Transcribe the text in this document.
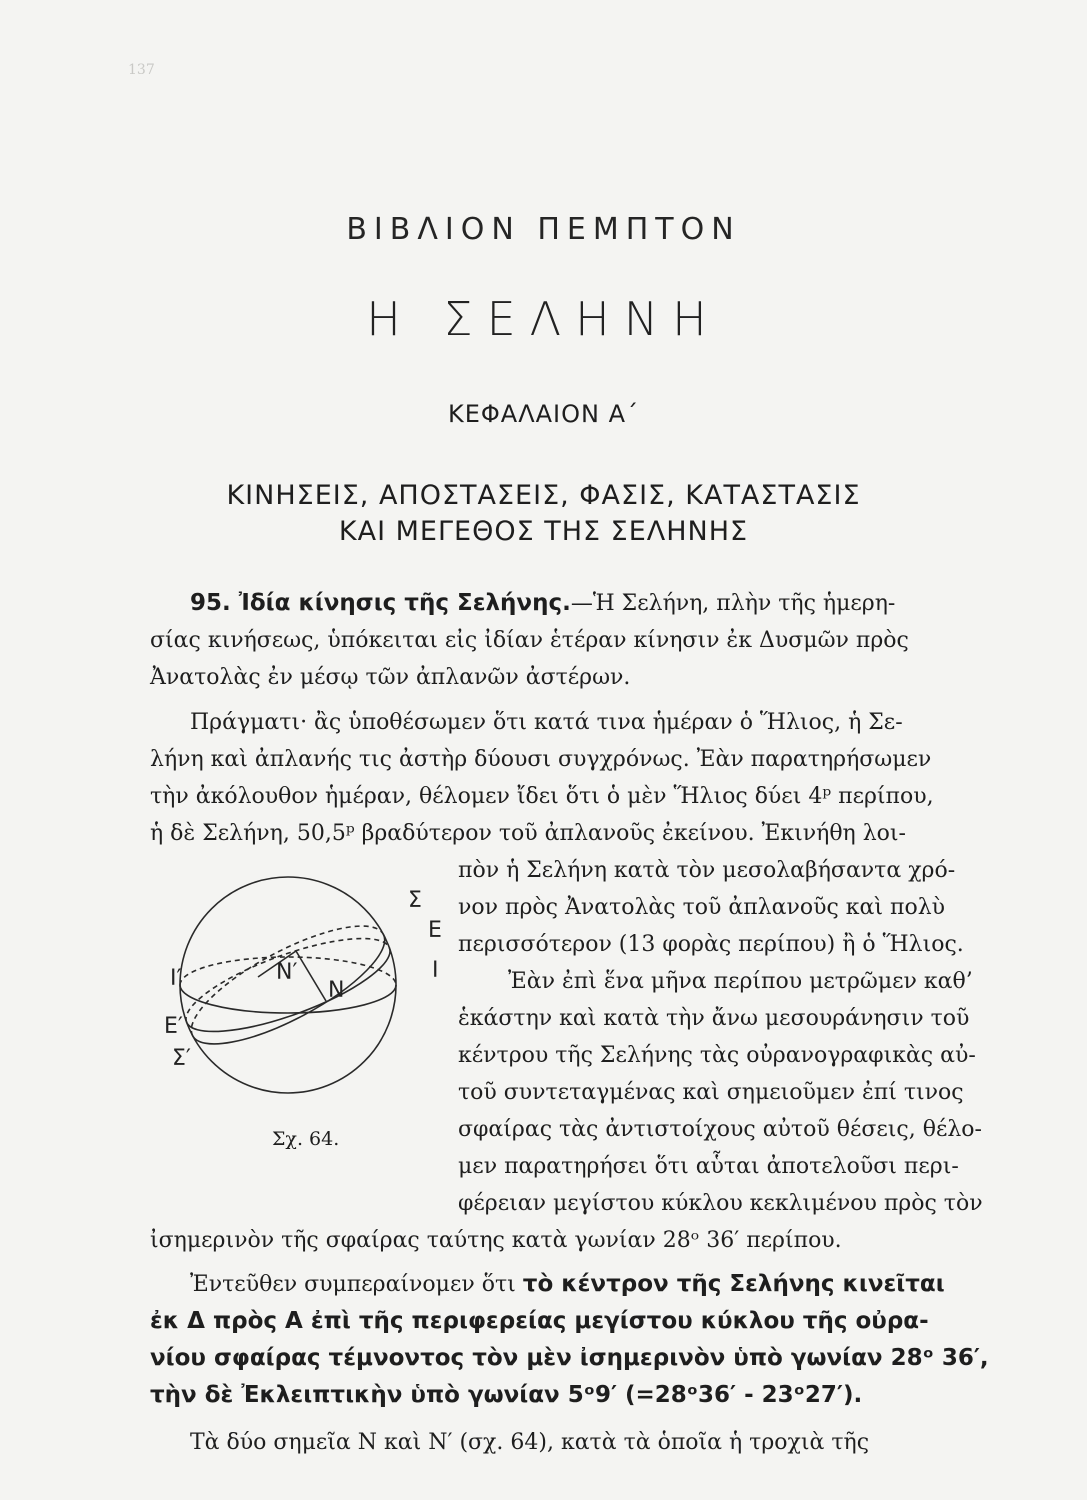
137
ΒΙΒΛΙΟΝ ΠΕΜΠΤΟΝ
Η ΣΕΛΗΝΗ
ΚΕΦΑΛΑΙΟΝ Α΄
ΚΙΝΗΣΕΙΣ, ΑΠΟΣΤΑΣΕΙΣ, ΦΑΣΙΣ, ΚΑΤΑΣΤΑΣΙΣ
ΚΑΙ ΜΕΓΕΘΟΣ ΤΗΣ ΣΕΛΗΝΗΣ
95. Ἰδία κίνησις τῆς Σελήνης.—Ἡ Σελήνη, πλὴν τῆς ἡμερη-
σίας κινήσεως, ὑπόκειται εἰς ἰδίαν ἑτέραν κίνησιν ἐκ Δυσμῶν πρὸς
Ἀνατολὰς ἐν μέσῳ τῶν ἀπλανῶν ἀστέρων.
Πράγματι· ἂς ὑποθέσωμεν ὅτι κατά τινα ἡμέραν ὁ Ἥλιος, ἡ Σε-
λήνη καὶ ἀπλανής τις ἀστὴρ δύουσι συγχρόνως. Ἐὰν παρατηρήσωμεν
τὴν ἀκόλουθον ἡμέραν, θέλομεν ἴδει ὅτι ὁ μὲν Ἥλιος δύει 4ᵖ περίπου,
ἡ δὲ Σελήνη, 50,5ᵖ βραδύτερον τοῦ ἀπλανοῦς ἐκείνου. Ἐκινήθη λοι-
πὸν ἡ Σελήνη κατὰ τὸν μεσολαβήσαντα χρό-
νον πρὸς Ἀνατολὰς τοῦ ἀπλανοῦς καὶ πολὺ
περισσότερον (13 φορὰς περίπου) ἢ ὁ Ἥλιος.
Ἐὰν ἐπὶ ἕνα μῆνα περίπου μετρῶμεν καθ’
ἑκάστην καὶ κατὰ τὴν ἄνω μεσουράνησιν τοῦ
κέντρου τῆς Σελήνης τὰς οὐρανογραφικὰς αὐ-
τοῦ συντεταγμένας καὶ σημειοῦμεν ἐπί τινος
σφαίρας τὰς ἀντιστοίχους αὐτοῦ θέσεις, θέλο-
μεν παρατηρήσει ὅτι αὗται ἀποτελοῦσι περι-
φέρειαν μεγίστου κύκλου κεκλιμένου πρὸς τὸν
ἰσημερινὸν τῆς σφαίρας ταύτης κατὰ γωνίαν 28ᵒ 36′ περίπου.
Ἐντεῦθεν συμπεραίνομεν ὅτι τὸ κέντρον τῆς Σελήνης κινεῖται
ἐκ Δ πρὸς Α ἐπὶ τῆς περιφερείας μεγίστου κύκλου τῆς οὐρα-
νίου σφαίρας τέμνοντος τὸν μὲν ἰσημερινὸν ὑπὸ γωνίαν 28ᵒ 36′,
τὴν δὲ Ἐκλειπτικὴν ὑπὸ γωνίαν 5ᵒ9′ (=28ᵒ36′ - 23ᵒ27′).
Τὰ δύο σημεῖα Ν καὶ Ν′ (σχ. 64), κατὰ τὰ ὁποῖα ἡ τροχιὰ τῆς
Σ
Ε
Ι
Ι′
Ε′
Σ′
Ν′
Ν
Σχ. 64.
